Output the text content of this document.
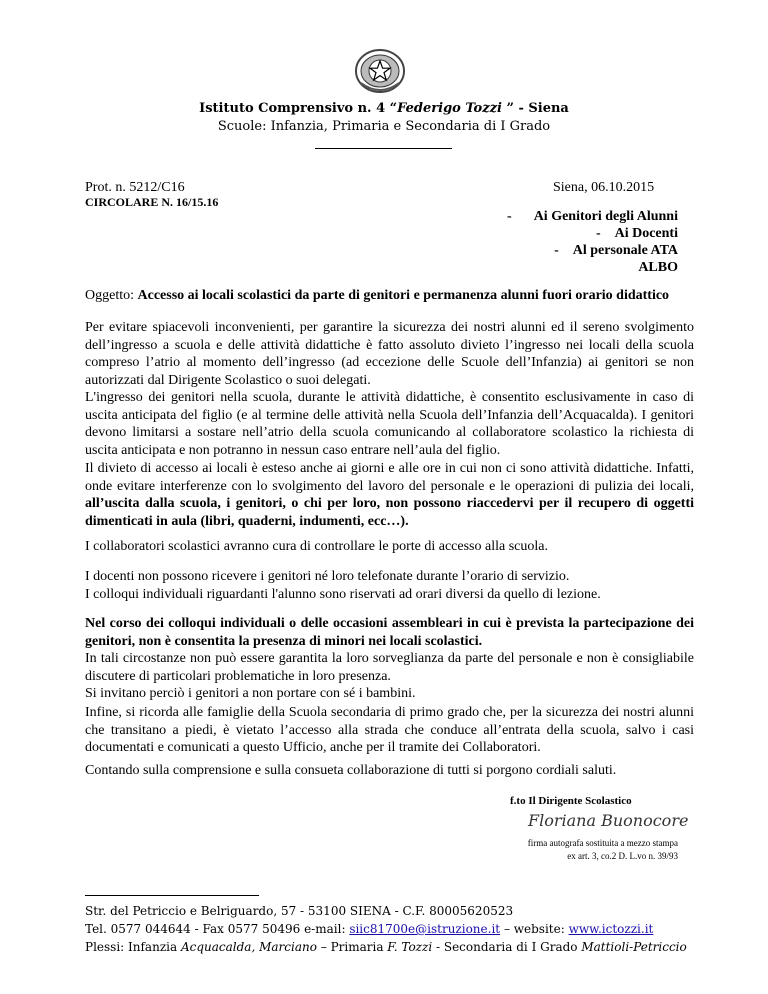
Istituto Comprensivo n. 4 “Federigo Tozzi ” - Siena
Scuole: Infanzia, Primaria e Secondaria di I Grado
Prot. n. 5212/C16	Siena, 06.10.2015
CIRCOLARE N. 16/15.16
- Ai Genitori degli Alunni
- Ai Docenti
- Al personale ATA
ALBO
Oggetto: Accesso ai locali scolastici da parte di genitori e permanenza alunni fuori orario didattico
Per evitare spiacevoli inconvenienti, per garantire la sicurezza dei nostri alunni ed il sereno svolgimento dell’ingresso a scuola e delle attività didattiche è fatto assoluto divieto l’ingresso nei locali della scuola compreso l’atrio al momento dell’ingresso (ad eccezione delle Scuole dell’Infanzia) ai genitori se non autorizzati dal Dirigente Scolastico o suoi delegati.
L'ingresso dei genitori nella scuola, durante le attività didattiche, è consentito esclusivamente in caso di uscita anticipata del figlio (e al termine delle attività nella Scuola dell’Infanzia dell’Acquacalda). I genitori devono limitarsi a sostare nell’atrio della scuola comunicando al collaboratore scolastico la richiesta di uscita anticipata e non potranno in nessun caso entrare nell’aula del figlio.
Il divieto di accesso ai locali è esteso anche ai giorni e alle ore in cui non ci sono attività didattiche. Infatti, onde evitare interferenze con lo svolgimento del lavoro del personale e le operazioni di pulizia dei locali, all’uscita dalla scuola, i genitori, o chi per loro, non possono riaccedervi per il recupero di oggetti dimenticati in aula (libri, quaderni, indumenti, ecc…).
I collaboratori scolastici avranno cura di controllare le porte di accesso alla scuola.
I docenti non possono ricevere i genitori né loro telefonate durante l’orario di servizio.
I colloqui individuali riguardanti l'alunno sono riservati ad orari diversi da quello di lezione.
Nel corso dei colloqui individuali o delle occasioni assembleari in cui è prevista la partecipazione dei genitori, non è consentita la presenza di minori nei locali scolastici.
In tali circostanze non può essere garantita la loro sorveglianza da parte del personale e non è consigliabile discutere di particolari problematiche in loro presenza.
Si invitano perciò i genitori a non portare con sé i bambini.
Infine, si ricorda alle famiglie della Scuola secondaria di primo grado che, per la sicurezza dei nostri alunni che transitano a piedi, è vietato l’accesso alla strada che conduce all’entrata della scuola, salvo i casi documentati e comunicati a questo Ufficio, anche per il tramite dei Collaboratori.
Contando sulla comprensione e sulla consueta collaborazione di tutti si porgono cordiali saluti.
f.to Il Dirigente Scolastico
Floriana Buonocore
firma autografa sostituita a mezzo stampa
ex art. 3, co.2 D. L.vo n. 39/93
Str. del Petriccio e Belriguardo, 57 - 53100 SIENA - C.F. 80005620523
Tel. 0577 044644 - Fax 0577 50496 e-mail: siic81700e@istruzione.it – website: www.ictozzi.it
Plessi: Infanzia Acquacalda, Marciano – Primaria F. Tozzi - Secondaria di I Grado Mattioli-Petriccio
